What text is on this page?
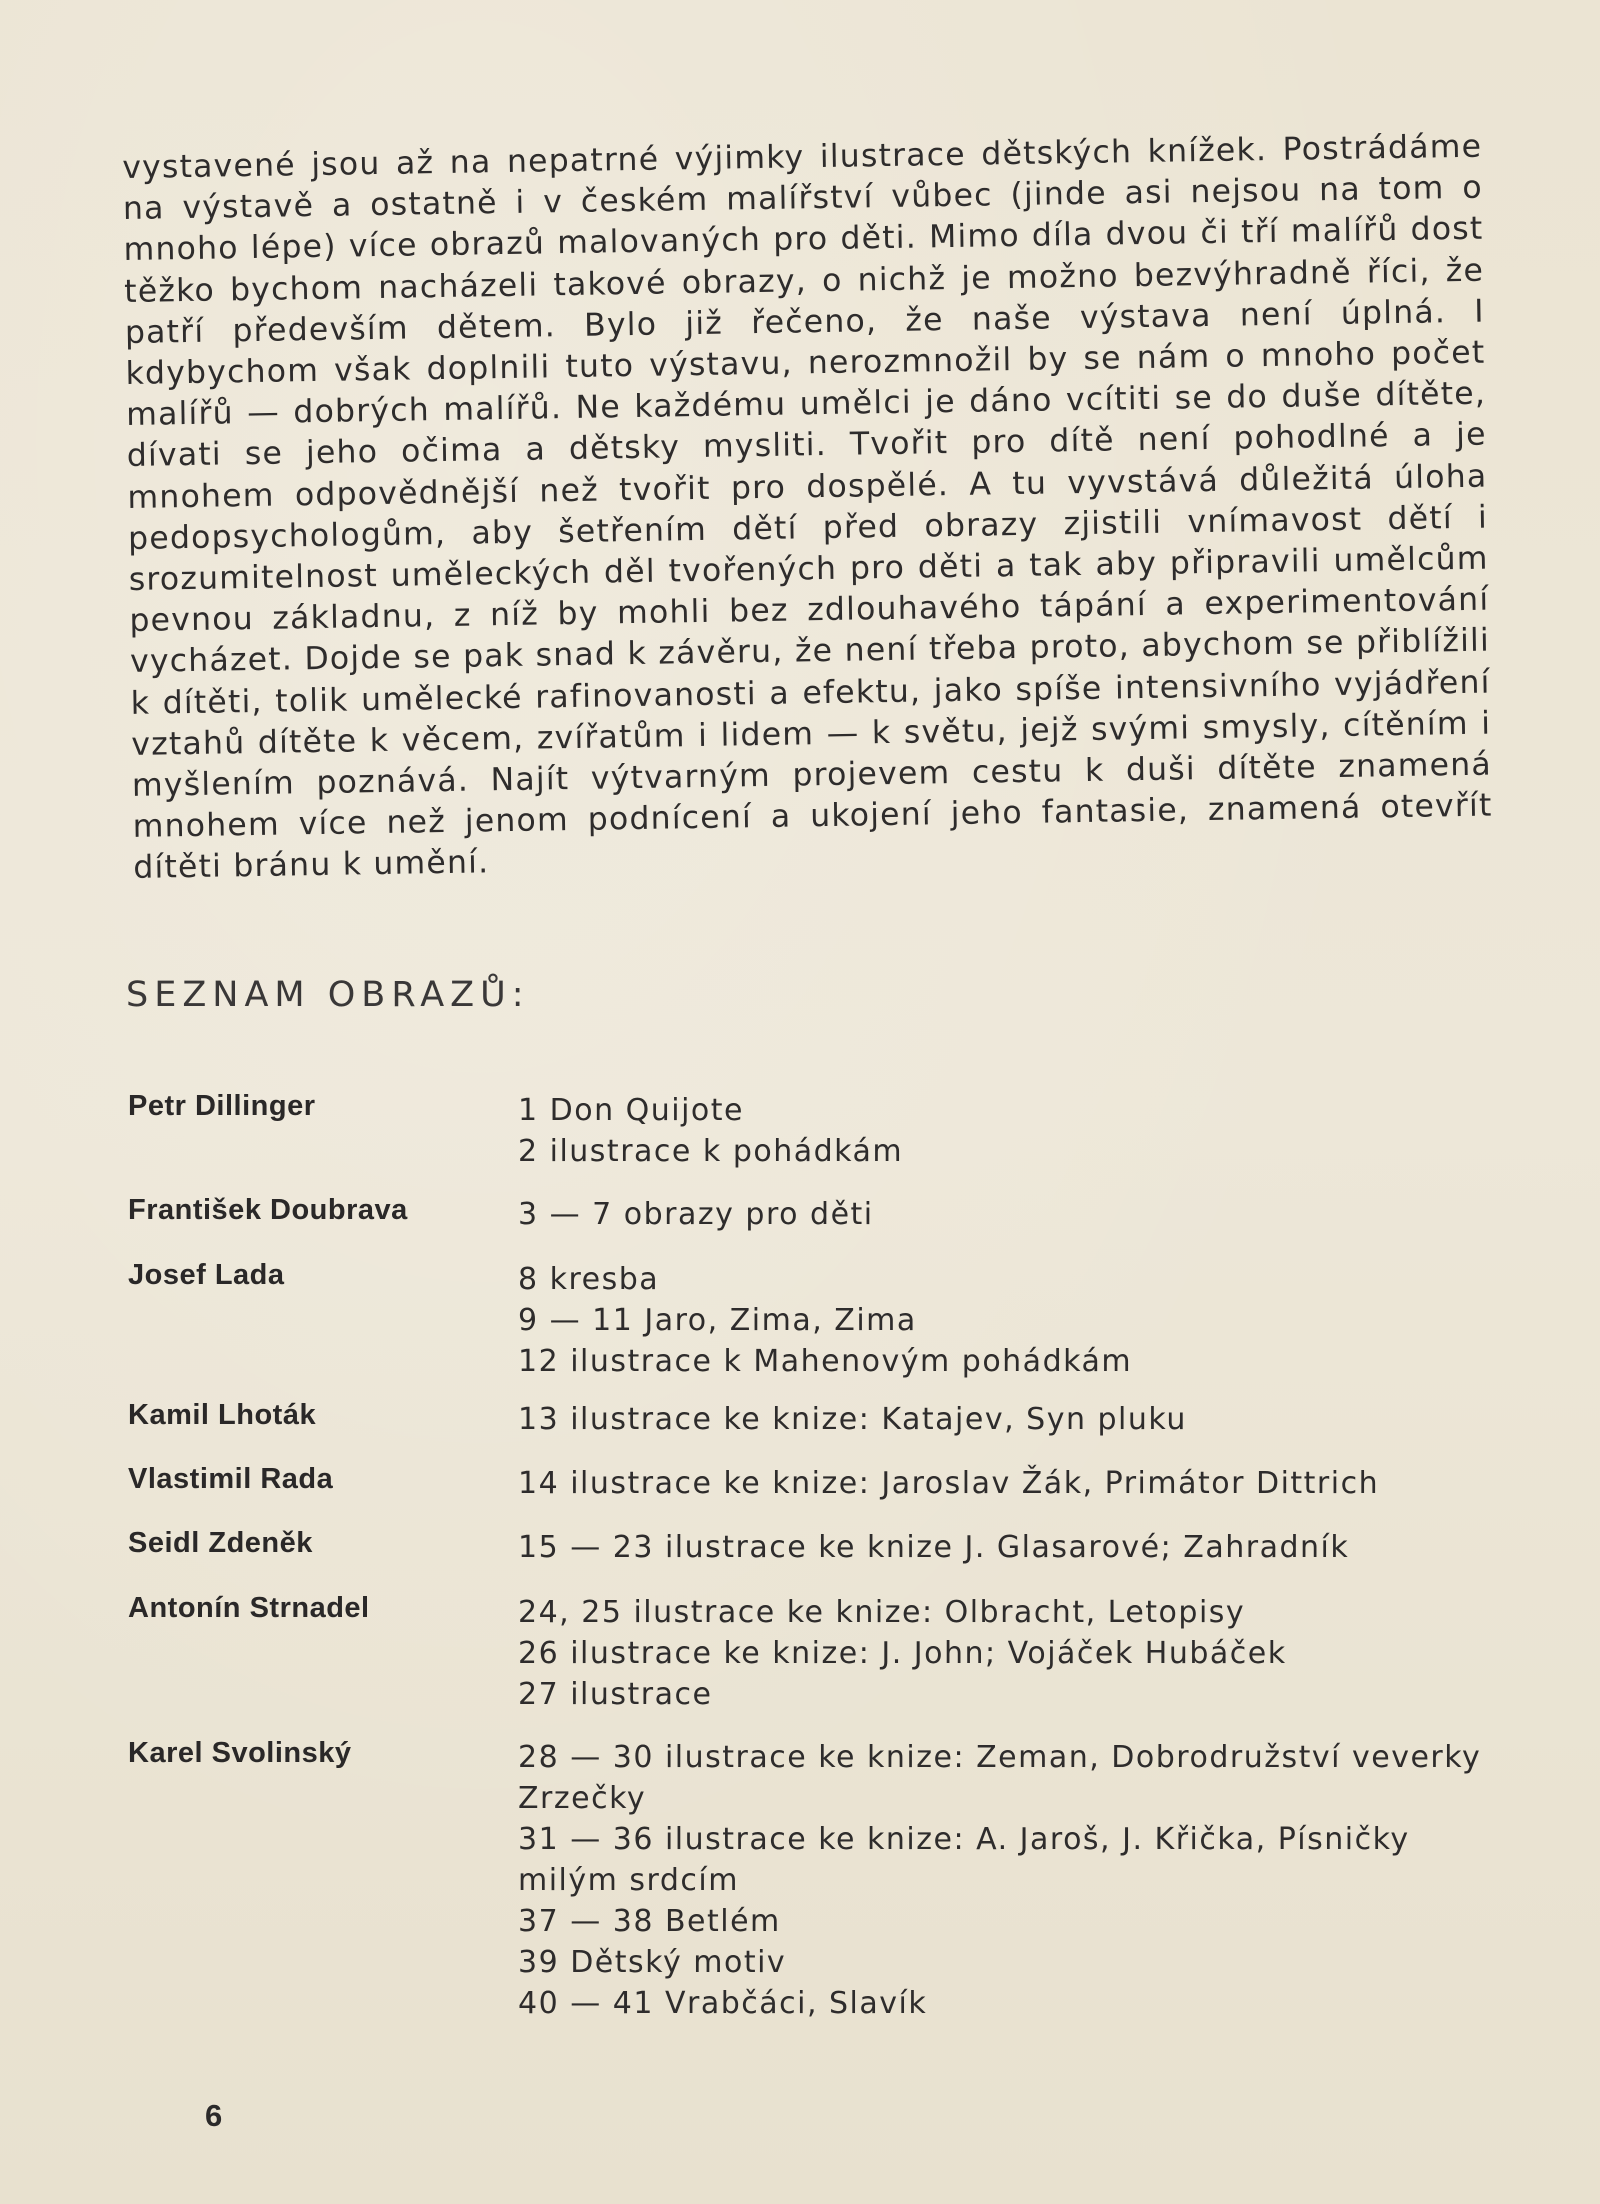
vystavené jsou až na nepatrné výjimky ilustrace dětských knížek. Postrádáme na výstavě a ostatně i v českém malířství vůbec (jinde asi nejsou na tom o mnoho lépe) více obrazů malovaných pro děti. Mimo díla dvou či tří malířů dost těžko bychom nacházeli takové obrazy, o nichž je možno bezvýhradně říci, že patří především dětem. Bylo již řečeno, že naše výstava není úplná. I kdybychom však doplnili tuto výstavu, nerozmnožil by se nám o mnoho počet malířů — dobrých malířů. Ne každému umělci je dáno vcítiti se do duše dítěte, dívati se jeho očima a dětsky mysliti. Tvořit pro dítě není pohodlné a je mnohem odpovědnější než tvořit pro dospělé. A tu vyvstává důležitá úloha pedopsychologům, aby šetřením dětí před obrazy zjistili vnímavost dětí i srozumitelnost uměleckých děl tvořených pro děti a tak aby připravili umělcům pevnou základnu, z níž by mohli bez zdlouhavého tápání a experimentování vycházet. Dojde se pak snad k závěru, že není třeba proto, abychom se přiblížili k dítěti, tolik umělecké rafinovanosti a efektu, jako spíše intensivního vyjádření vztahů dítěte k věcem, zvířatům i lidem — k světu, jejž svými smysly, cítěním i myšlením poznává. Najít výtvarným projevem cestu k duši dítěte znamená mnohem více než jenom podnícení a ukojení jeho fantasie, znamená otevřít dítěti bránu k umění.

SEZNAM OBRAZŮ:
Petr Dillinger	1 Don Quijote
2 ilustrace k pohádkám
František Doubrava	3 — 7 obrazy pro děti
Josef Lada	8 kresba
9 — 11 Jaro, Zima, Zima
12 ilustrace k Mahenovým pohádkám
Kamil Lhoták	13 ilustrace ke knize: Katajev, Syn pluku
Vlastimil Rada	14 ilustrace ke knize: Jaroslav Žák, Primátor Dittrich
Seidl Zdeněk	15 — 23 ilustrace ke knize J. Glasarové; Zahradník
Antonín Strnadel	24, 25 ilustrace ke knize: Olbracht, Letopisy
26 ilustrace ke knize: J. John; Vojáček Hubáček
27 ilustrace
Karel Svolinský	28 — 30 ilustrace ke knize: Zeman, Dobrodružství veverky Zrzečky
31 — 36 ilustrace ke knize: A. Jaroš, J. Křička, Písničky milým srdcím
37 — 38 Betlém
39 Dětský motiv
40 — 41 Vrabčáci, Slavík
6
